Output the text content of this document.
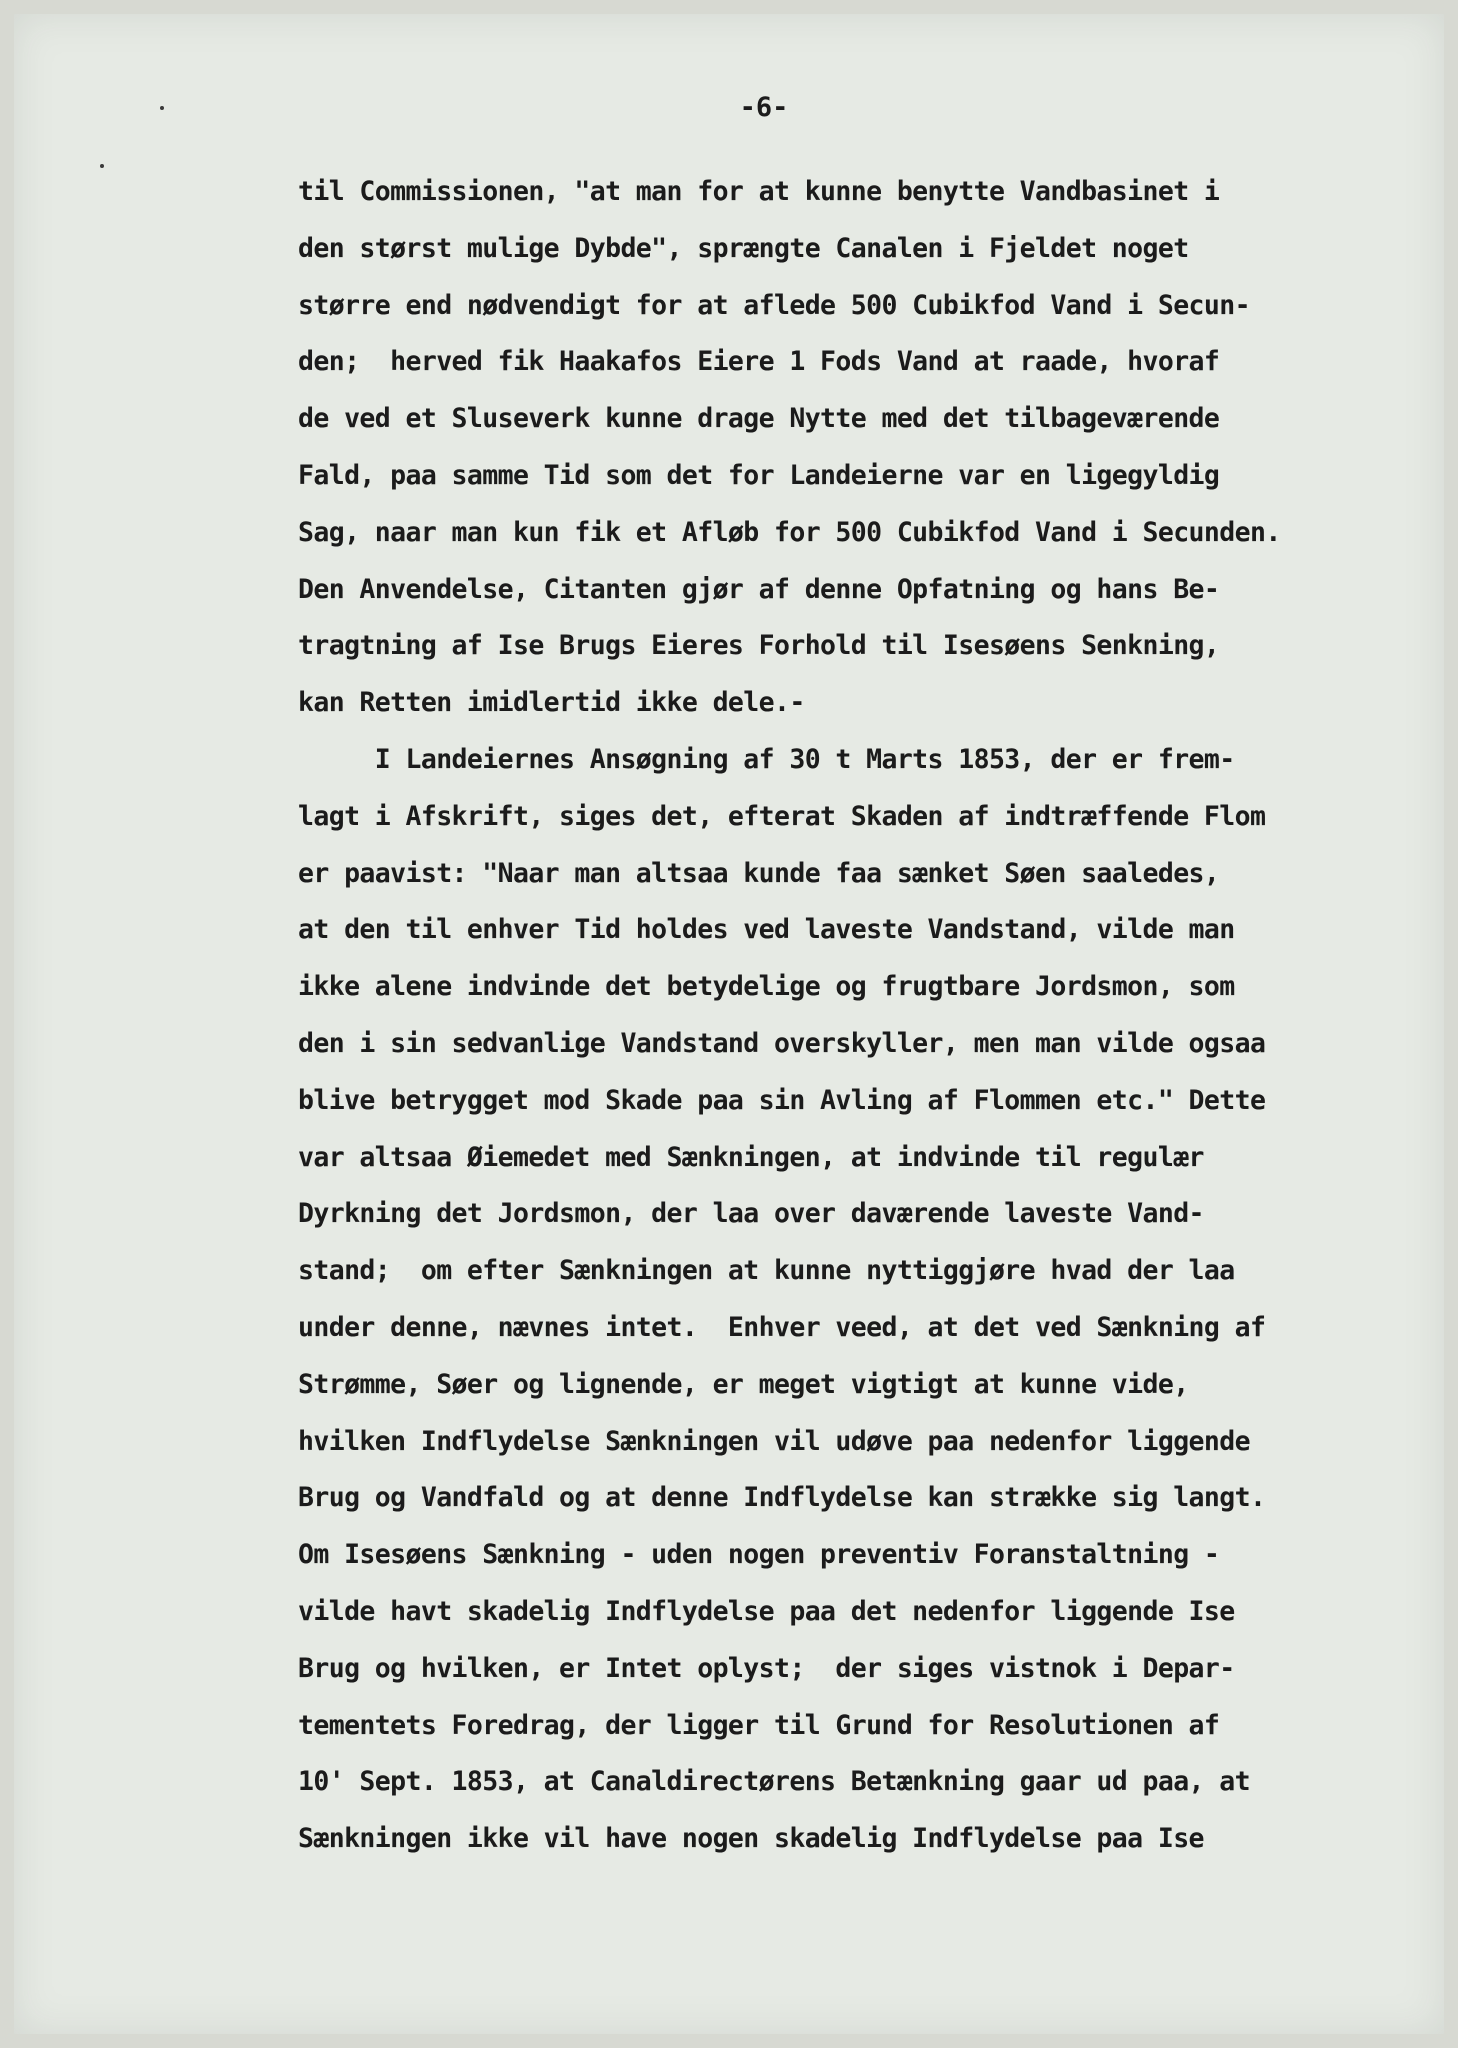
-6-
til Commissionen, "at man for at kunne benytte Vandbasinet i
den størst mulige Dybde", sprængte Canalen i Fjeldet noget
større end nødvendigt for at aflede 500 Cubikfod Vand i Secun-
den;  herved fik Haakafos Eiere 1 Fods Vand at raade, hvoraf
de ved et Sluseverk kunne drage Nytte med det tilbageværende
Fald, paa samme Tid som det for Landeierne var en ligegyldig
Sag, naar man kun fik et Afløb for 500 Cubikfod Vand i Secunden.
Den Anvendelse, Citanten gjør af denne Opfatning og hans Be-
tragtning af Ise Brugs Eieres Forhold til Isesøens Senkning,
kan Retten imidlertid ikke dele.-
I Landeiernes Ansøgning af 30 t Marts 1853, der er frem-
lagt i Afskrift, siges det, efterat Skaden af indtræffende Flom
er paavist: "Naar man altsaa kunde faa sænket Søen saaledes,
at den til enhver Tid holdes ved laveste Vandstand, vilde man
ikke alene indvinde det betydelige og frugtbare Jordsmon, som
den i sin sedvanlige Vandstand overskyller, men man vilde ogsaa
blive betrygget mod Skade paa sin Avling af Flommen etc." Dette
var altsaa Øiemedet med Sænkningen, at indvinde til regulær
Dyrkning det Jordsmon, der laa over daværende laveste Vand-
stand;  om efter Sænkningen at kunne nyttiggjøre hvad der laa
under denne, nævnes intet.  Enhver veed, at det ved Sænkning af
Strømme, Søer og lignende, er meget vigtigt at kunne vide,
hvilken Indflydelse Sænkningen vil udøve paa nedenfor liggende
Brug og Vandfald og at denne Indflydelse kan strække sig langt.
Om Isesøens Sænkning - uden nogen preventiv Foranstaltning -
vilde havt skadelig Indflydelse paa det nedenfor liggende Ise
Brug og hvilken, er Intet oplyst;  der siges vistnok i Depar-
tementets Foredrag, der ligger til Grund for Resolutionen af
10' Sept. 1853, at Canaldirectørens Betænkning gaar ud paa, at
Sænkningen ikke vil have nogen skadelig Indflydelse paa Ise
